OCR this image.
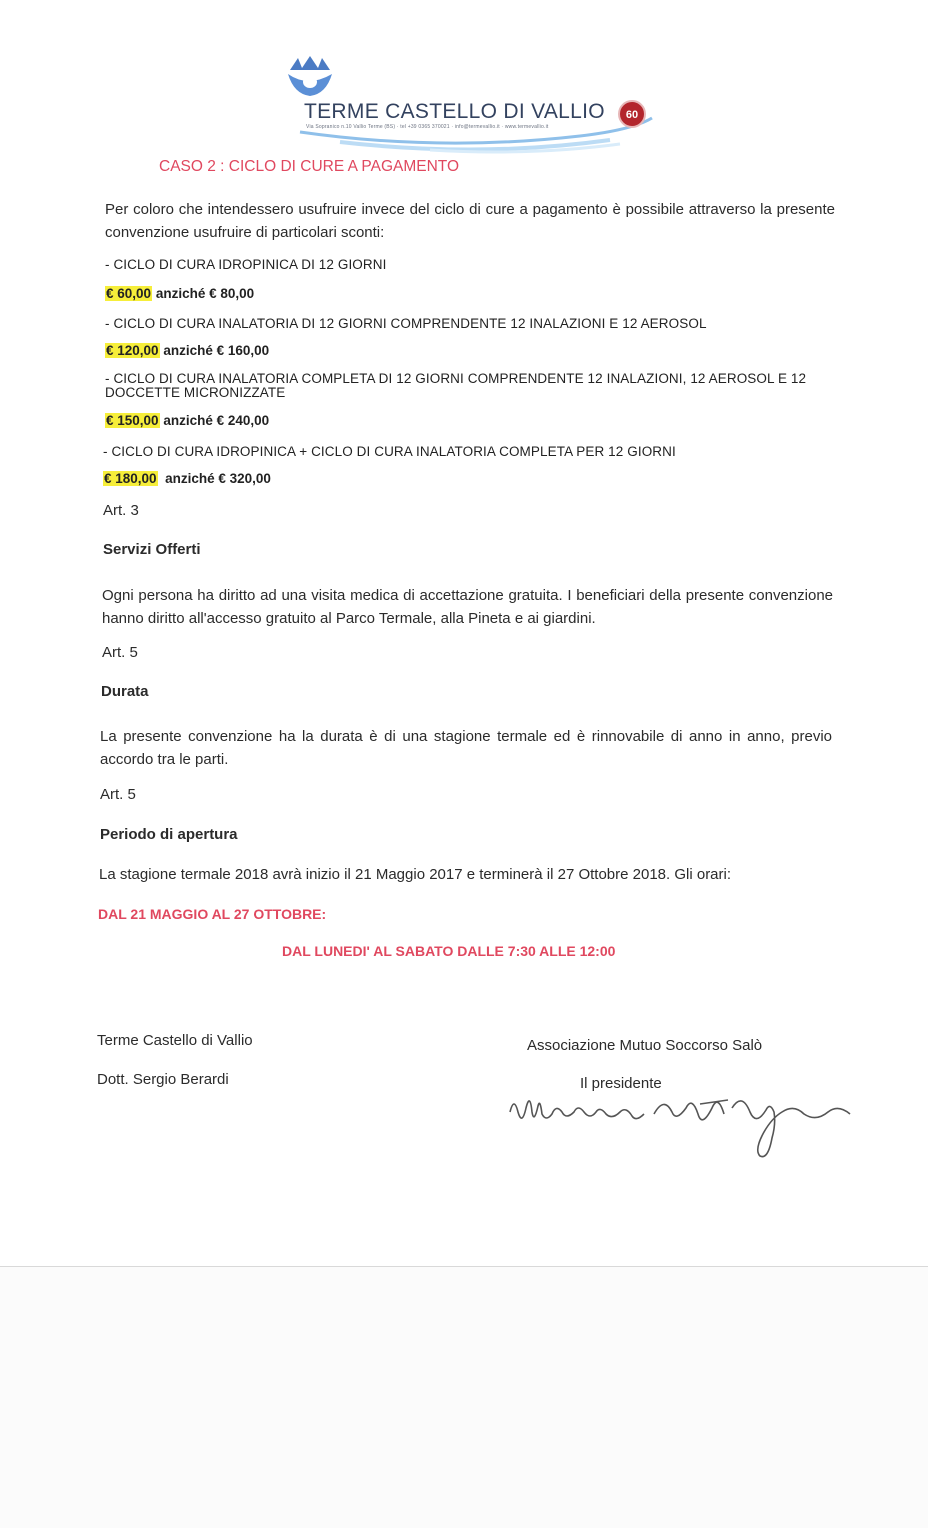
TERME CASTELLO DI VALLIO
Via Sopranico n.10 Vallio Terme (BS) · tel +39 0365 370021 · info@termevallio.it · www.termevallio.it
60
CASO 2 : CICLO DI CURE A PAGAMENTO
Per coloro che intendessero usufruire invece del ciclo di cure a pagamento è possibile attraverso la presente convenzione usufruire di particolari sconti:
- CICLO DI CURA IDROPINICA DI 12 GIORNI
€ 60,00 anziché € 80,00
- CICLO DI CURA INALATORIA DI 12 GIORNI COMPRENDENTE 12 INALAZIONI E 12 AEROSOL
€ 120,00 anziché € 160,00
- CICLO DI CURA INALATORIA COMPLETA DI 12 GIORNI COMPRENDENTE 12 INALAZIONI, 12 AEROSOL E 12 DOCCETTE MICRONIZZATE
€ 150,00 anziché € 240,00
- CICLO DI CURA IDROPINICA + CICLO DI CURA INALATORIA COMPLETA PER 12 GIORNI
€ 180,00 anziché € 320,00
Art. 3
Servizi Offerti
Ogni persona ha diritto ad una visita medica di accettazione gratuita. I beneficiari della presente convenzione hanno diritto all'accesso gratuito al Parco Termale, alla Pineta e ai giardini.
Art. 5
Durata
La presente convenzione ha la durata è di una stagione termale ed è rinnovabile di anno in anno, previo accordo tra le parti.
Art. 5
Periodo di apertura
La stagione termale 2018 avrà inizio il 21 Maggio 2017 e terminerà il 27 Ottobre 2018. Gli orari:
DAL 21 MAGGIO AL 27 OTTOBRE:
DAL LUNEDI' AL SABATO DALLE 7:30 ALLE 12:00
Terme Castello di Vallio
Dott. Sergio Berardi
Associazione Mutuo Soccorso Salò
Il presidente
